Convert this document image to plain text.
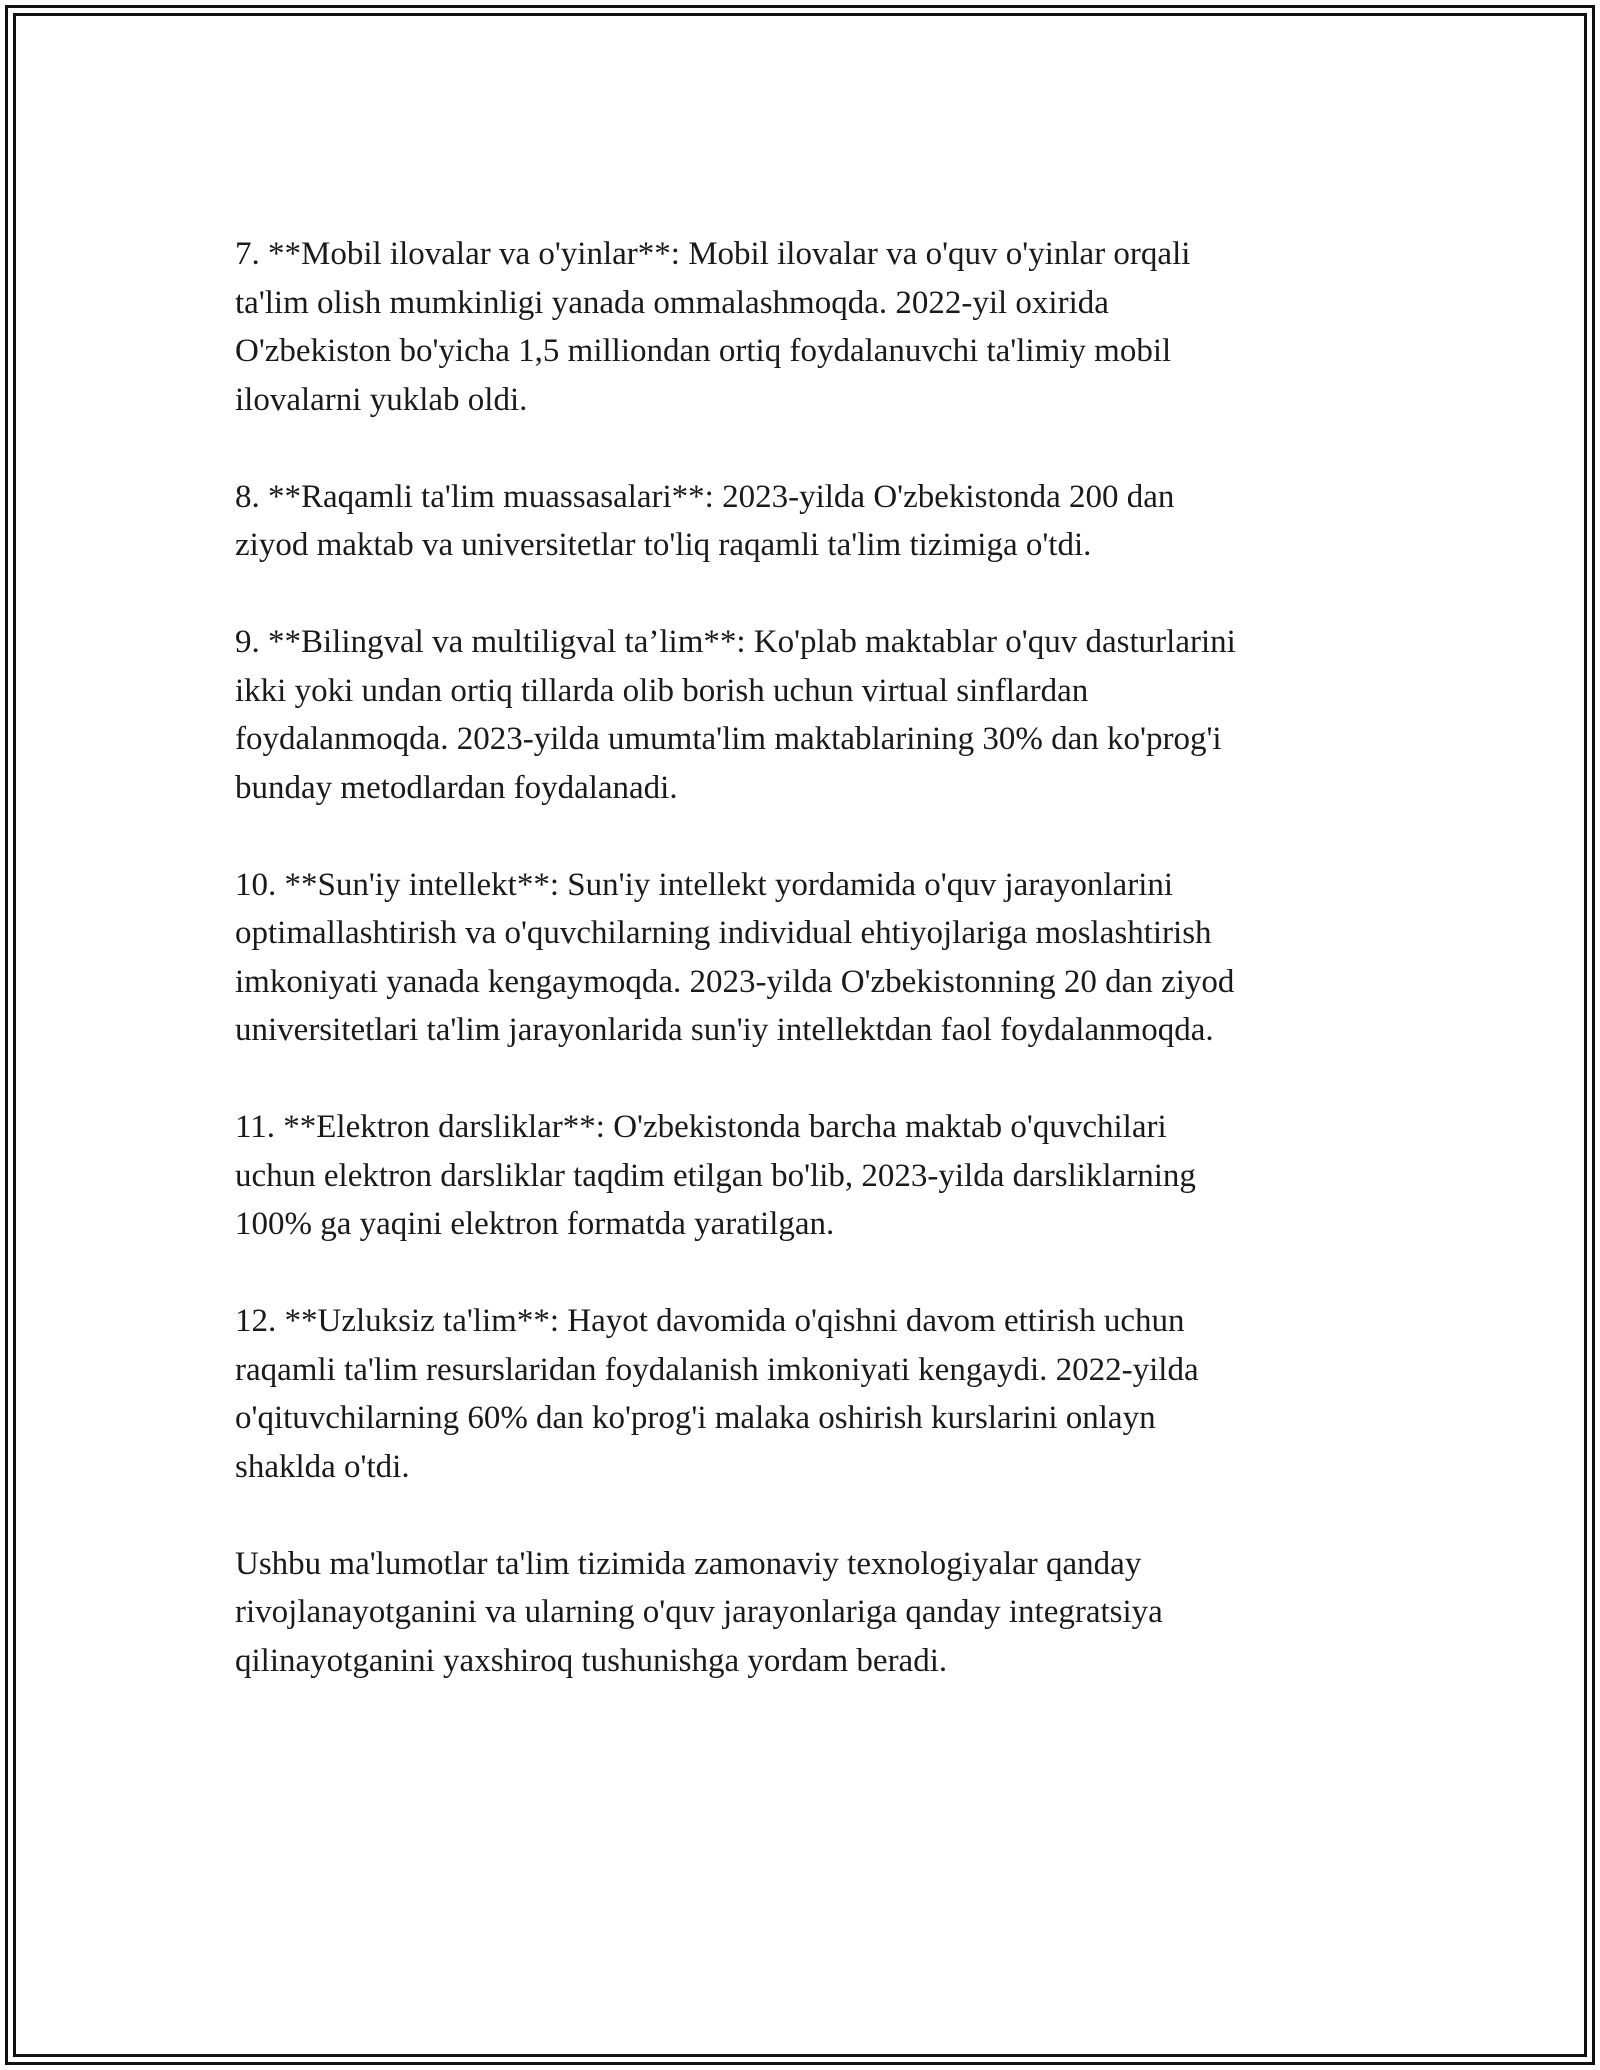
7. **Mobil ilovalar va o'yinlar**: Mobil ilovalar va o'quv o'yinlar orqali
ta'lim olish mumkinligi yanada ommalashmoqda. 2022-yil oxirida
O'zbekiston bo'yicha 1,5 milliondan ortiq foydalanuvchi ta'limiy mobil
ilovalarni yuklab oldi.

8. **Raqamli ta'lim muassasalari**: 2023-yilda O'zbekistonda 200 dan
ziyod maktab va universitetlar to'liq raqamli ta'lim tizimiga o'tdi.

9. **Bilingval va multiligval ta’lim**: Ko'plab maktablar o'quv dasturlarini
ikki yoki undan ortiq tillarda olib borish uchun virtual sinflardan
foydalanmoqda. 2023-yilda umumta'lim maktablarining 30% dan ko'prog'i
bunday metodlardan foydalanadi.

10. **Sun'iy intellekt**: Sun'iy intellekt yordamida o'quv jarayonlarini
optimallashtirish va o'quvchilarning individual ehtiyojlariga moslashtirish
imkoniyati yanada kengaymoqda. 2023-yilda O'zbekistonning 20 dan ziyod
universitetlari ta'lim jarayonlarida sun'iy intellektdan faol foydalanmoqda.

11. **Elektron darsliklar**: O'zbekistonda barcha maktab o'quvchilari
uchun elektron darsliklar taqdim etilgan bo'lib, 2023-yilda darsliklarning
100% ga yaqini elektron formatda yaratilgan.

12. **Uzluksiz ta'lim**: Hayot davomida o'qishni davom ettirish uchun
raqamli ta'lim resurslaridan foydalanish imkoniyati kengaydi. 2022-yilda
o'qituvchilarning 60% dan ko'prog'i malaka oshirish kurslarini onlayn
shaklda o'tdi.

Ushbu ma'lumotlar ta'lim tizimida zamonaviy texnologiyalar qanday
rivojlanayotganini va ularning o'quv jarayonlariga qanday integratsiya
qilinayotganini yaxshiroq tushunishga yordam beradi.
